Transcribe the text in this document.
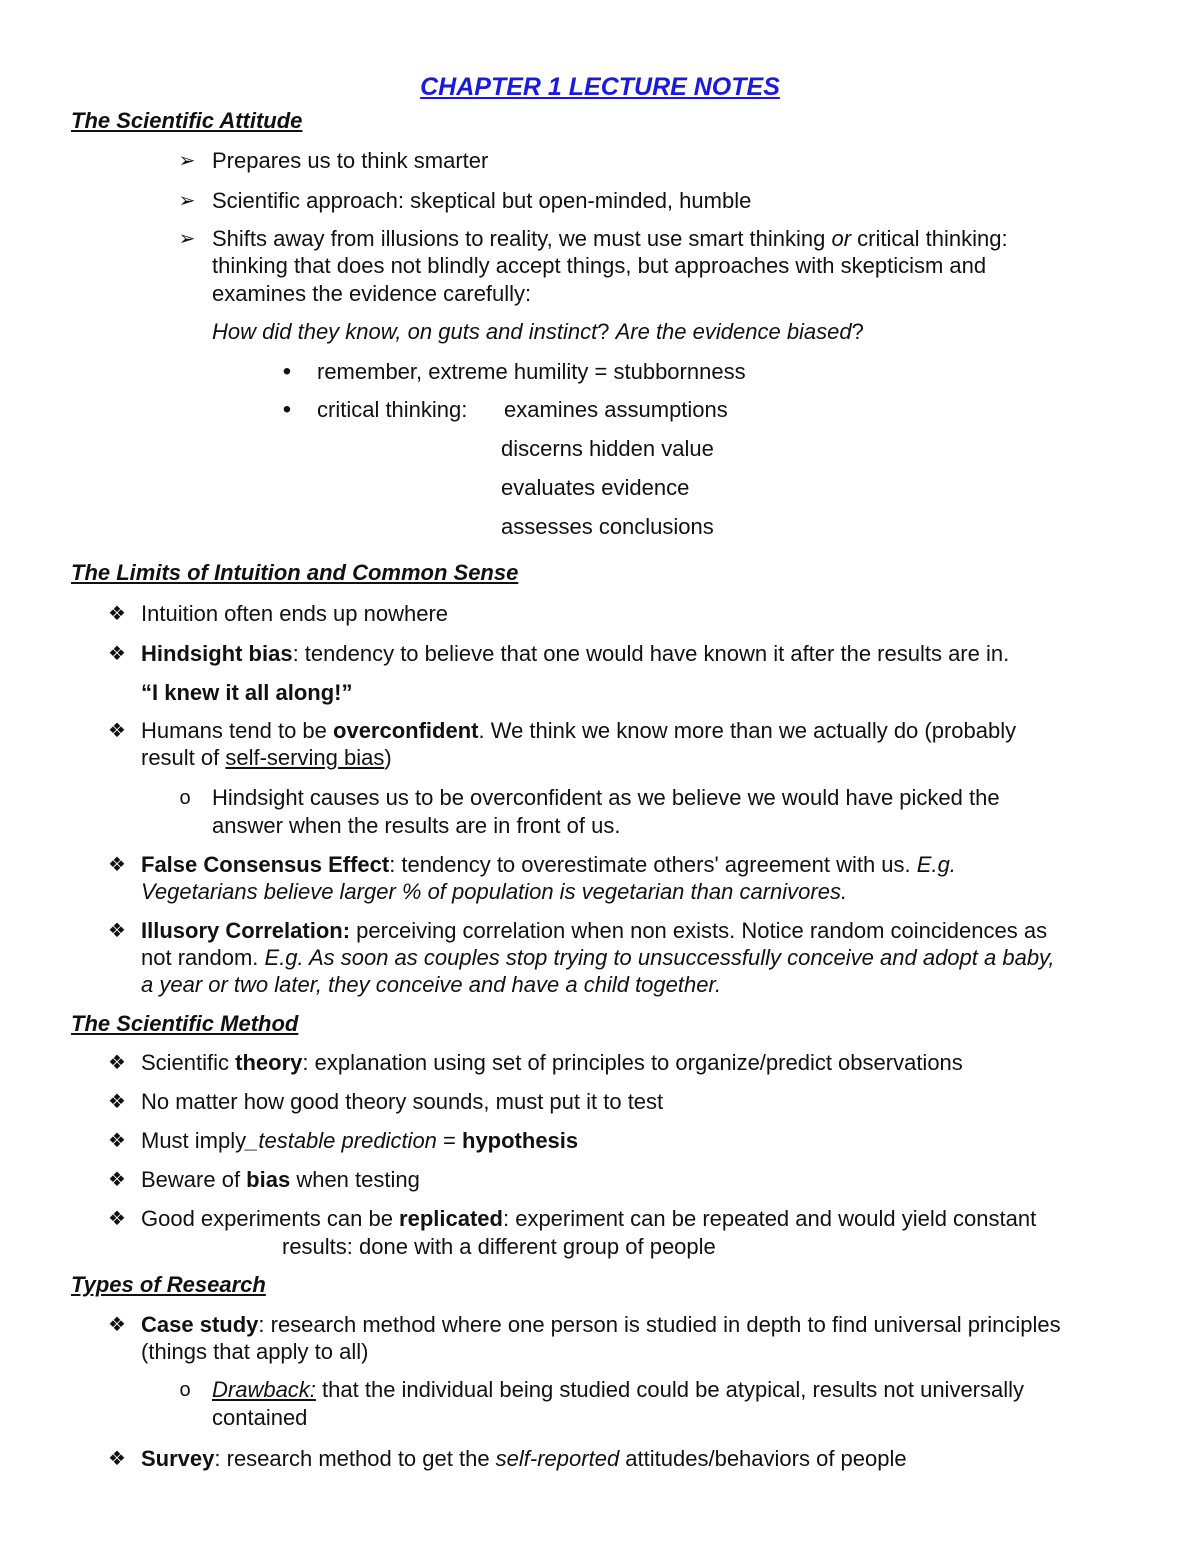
CHAPTER 1 LECTURE NOTES
The Scientific Attitude
➢ Prepares us to think smarter
➢ Scientific approach: skeptical but open-minded, humble
➢ Shifts away from illusions to reality, we must use smart thinking or critical thinking:
thinking that does not blindly accept things, but approaches with skepticism and
examines the evidence carefully:
How did they know, on guts and instinct? Are the evidence biased?
•	remember, extreme humility = stubbornness
•	critical thinking: examines assumptions
discerns hidden value
evaluates evidence
assesses conclusions
The Limits of Intuition and Common Sense
❖ Intuition often ends up nowhere
❖ Hindsight bias: tendency to believe that one would have known it after the results are in.
“I knew it all along!”
❖ Humans tend to be overconfident. We think we know more than we actually do (probably
result of self-serving bias)
o Hindsight causes us to be overconfident as we believe we would have picked the
answer when the results are in front of us.
❖ False Consensus Effect: tendency to overestimate others' agreement with us. E.g.
Vegetarians believe larger % of population is vegetarian than carnivores.
❖ Illusory Correlation: perceiving correlation when non exists. Notice random coincidences as
not random. E.g. As soon as couples stop trying to unsuccessfully conceive and adopt a baby,
a year or two later, they conceive and have a child together.
The Scientific Method
❖ Scientific theory: explanation using set of principles to organize/predict observations
❖ No matter how good theory sounds, must put it to test
❖ Must imply_testable prediction = hypothesis
❖ Beware of bias when testing
❖ Good experiments can be replicated: experiment can be repeated and would yield constant
results: done with a different group of people
Types of Research
❖ Case study: research method where one person is studied in depth to find universal principles
(things that apply to all)
o Drawback: that the individual being studied could be atypical, results not universally
contained
❖ Survey: research method to get the self-reported attitudes/behaviors of people
